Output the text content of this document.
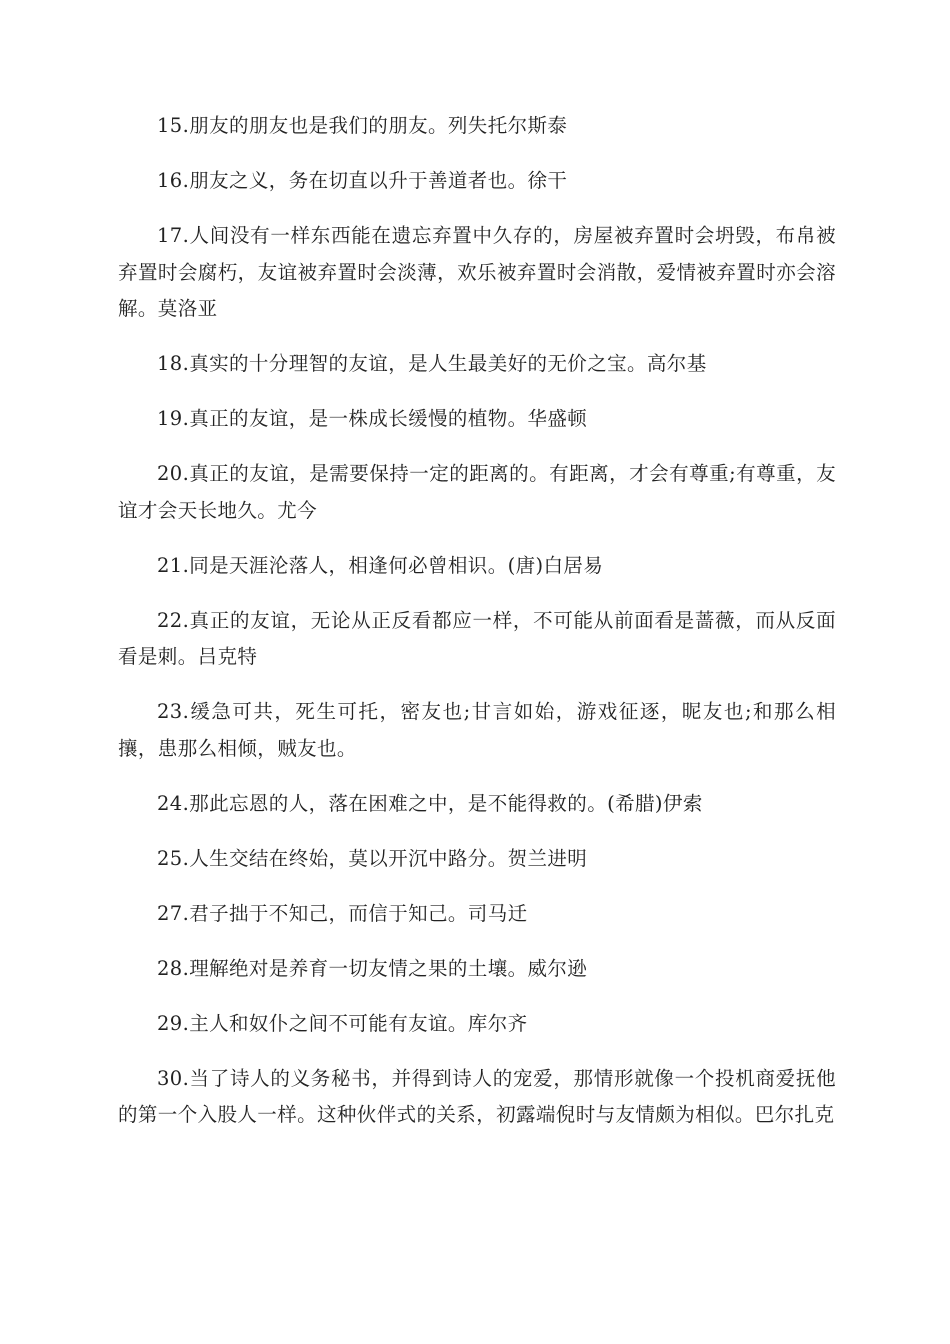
15.朋友的朋友也是我们的朋友。列失托尔斯泰

16.朋友之义，务在切直以升于善道者也。徐干

17.人间没有一样东西能在遗忘弃置中久存的，房屋被弃置时会坍毁，布帛被弃置时会腐朽，友谊被弃置时会淡薄，欢乐被弃置时会消散，爱情被弃置时亦会溶解。莫洛亚

18.真实的十分理智的友谊，是人生最美好的无价之宝。高尔基

19.真正的友谊，是一株成长缓慢的植物。华盛顿

20.真正的友谊，是需要保持一定的距离的。有距离，才会有尊重;有尊重，友谊才会天长地久。尤今

21.同是天涯沦落人，相逢何必曾相识。(唐)白居易

22.真正的友谊，无论从正反看都应一样，不可能从前面看是蔷薇，而从反面看是刺。吕克特

23.缓急可共，死生可托，密友也;甘言如始，游戏征逐，昵友也;和那么相攘，患那么相倾，贼友也。

24.那此忘恩的人，落在困难之中，是不能得救的。(希腊)伊索

25.人生交结在终始，莫以开沉中路分。贺兰进明

27.君子拙于不知己，而信于知己。司马迁

28.理解绝对是养育一切友情之果的土壤。威尔逊

29.主人和奴仆之间不可能有友谊。库尔齐

30.当了诗人的义务秘书，并得到诗人的宠爱，那情形就像一个投机商爱抚他的第一个入股人一样。这种伙伴式的关系，初露端倪时与友情颇为相似。巴尔扎克
